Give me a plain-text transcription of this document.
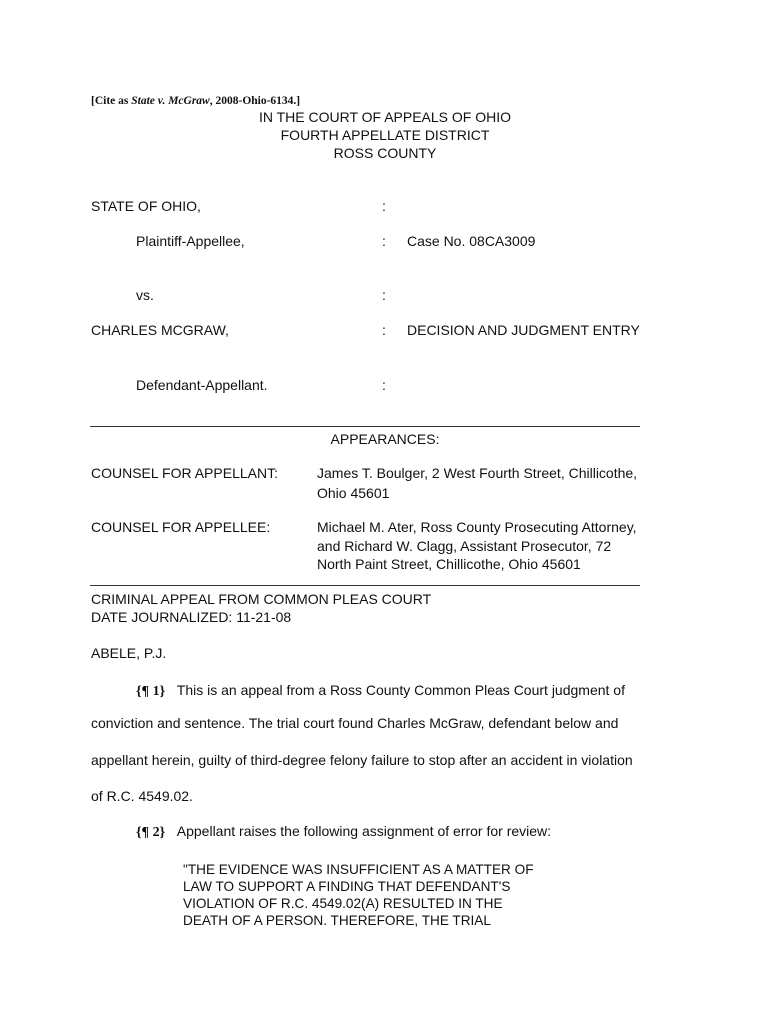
[Cite as State v. McGraw, 2008-Ohio-6134.]
IN THE COURT OF APPEALS OF OHIO
FOURTH APPELLATE DISTRICT
ROSS COUNTY
STATE OF OHIO,	:
Plaintiff-Appellee,	: Case No. 08CA3009
vs.	:
CHARLES MCGRAW,	: DECISION AND JUDGMENT ENTRY
Defendant-Appellant.	:
APPEARANCES:
COUNSEL FOR APPELLANT:	James T. Boulger, 2 West Fourth Street, Chillicothe,
Ohio 45601
COUNSEL FOR APPELLEE:	Michael M. Ater, Ross County Prosecuting Attorney,
and Richard W. Clagg, Assistant Prosecutor, 72
North Paint Street, Chillicothe, Ohio 45601
CRIMINAL APPEAL FROM COMMON PLEAS COURT
DATE JOURNALIZED: 11-21-08
ABELE, P.J.
{¶ 1} This is an appeal from a Ross County Common Pleas Court judgment of
conviction and sentence. The trial court found Charles McGraw, defendant below and
appellant herein, guilty of third-degree felony failure to stop after an accident in violation
of R.C. 4549.02.
{¶ 2} Appellant raises the following assignment of error for review:
"THE EVIDENCE WAS INSUFFICIENT AS A MATTER OF
LAW TO SUPPORT A FINDING THAT DEFENDANT'S
VIOLATION OF R.C. 4549.02(A) RESULTED IN THE
DEATH OF A PERSON. THEREFORE, THE TRIAL
